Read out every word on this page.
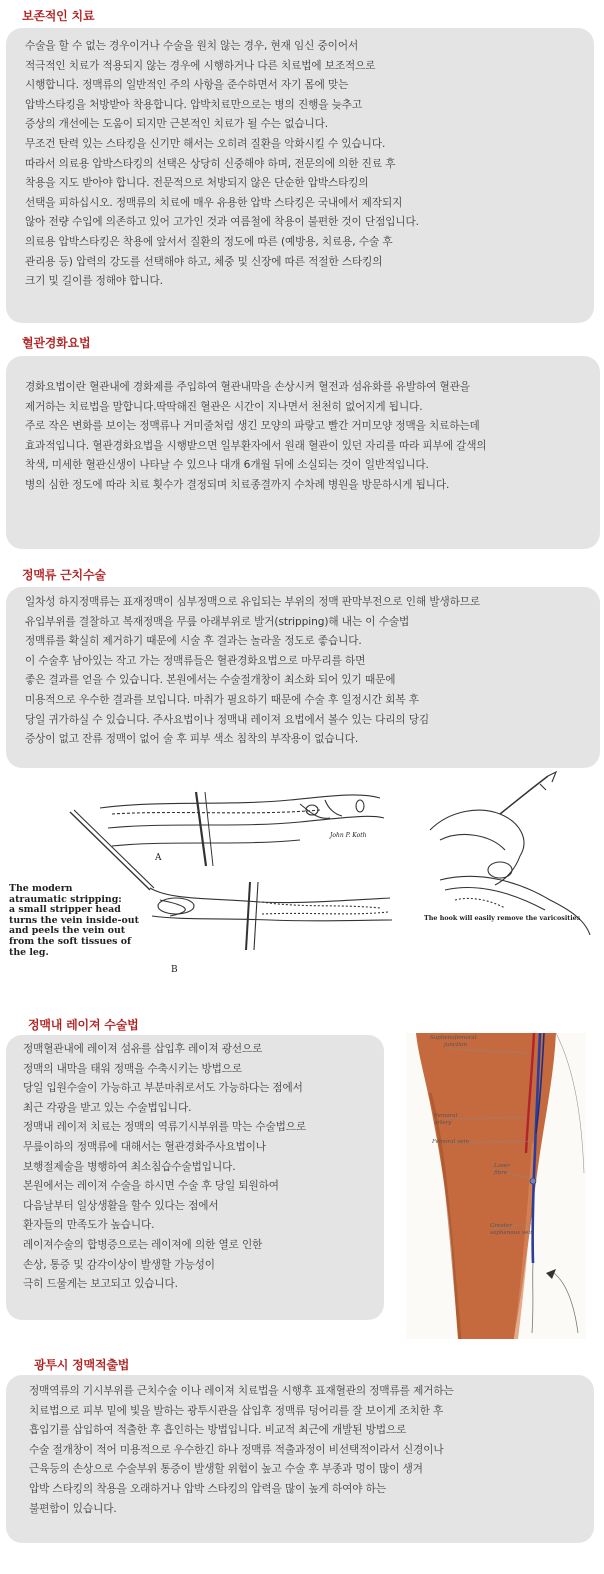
보존적인 치료

수술을 할 수 없는 경우이거나 수술을 원치 않는 경우, 현재 임신 중이어서

적극적인 치료가 적용되지 않는 경우에 시행하거나 다른 치료법에 보조적으로

시행합니다. 정맥류의 일반적인 주의 사항을 준수하면서 자기 몸에 맞는

압박스타킹을 처방받아 착용합니다. 압박치료만으로는 병의 진행을 늦추고

증상의 개선에는 도움이 되지만 근본적인 치료가 될 수는 없습니다.

무조건 탄력 있는 스타킹을 신기만 해서는 오히려 질환을 악화시킬 수 있습니다.

따라서 의료용 압박스타킹의 선택은 상당히 신중해야 하며, 전문의에 의한 진료 후

착용을 지도 받아야 합니다. 전문적으로 처방되지 않은 단순한 압박스타킹의

선택을 피하십시오. 정맥류의 치료에 매우 유용한 압박 스타킹은 국내에서 제작되지

않아 전량 수입에 의존하고 있어 고가인 것과 여름철에 착용이 불편한 것이 단점입니다.

의료용 압박스타킹은 착용에 앞서서 질환의 정도에 따른 (예방용, 치료용, 수술 후

관리용 등) 압력의 강도를 선택해야 하고, 체중 및 신장에 따른 적절한 스타킹의

크기 및 길이를 정해야 합니다.

혈관경화요법

경화요법이란 혈관내에 경화제를 주입하여 혈관내막을 손상시켜 혈전과 섬유화를 유발하여 혈관을

제거하는 치료법을 말합니다.딱딱해진 혈관은 시간이 지나면서 천천히 없어지게 됩니다.

주로 작은 변화를 보이는 정맥류나 거미줄처럼 생긴 모양의 파랗고 빨간 거미모양 정맥을 치료하는데

효과적입니다. 혈관경화요법을 시행받으면 일부환자에서 원래 혈관이 있던 자리를 따라 피부에 갈색의

착색, 미세한 혈관신생이 나타날 수 있으나 대개 6개월 뒤에 소실되는 것이 일반적입니다.

병의 심한 정도에 따라 치료 횟수가 결정되며 치료종결까지 수차례 병원을 방문하시게 됩니다.

정맥류 근치수술

일차성 하지정맥류는 표재정맥이 심부정맥으로 유입되는 부위의 정맥 판막부전으로 인해 발생하므로

유입부위를 결찰하고 복재정맥을 무릎 아래부위로 발거(stripping)해 내는 이 수술법

정맥류를 확실히 제거하기 때문에 시술 후 결과는 놀라울 정도로 좋습니다.

이 수술후 남아있는 작고 가는 정맥류들은 혈관경화요법으로 마무리를 하면

좋은 결과를 얻을 수 있습니다. 본원에서는 수술절개창이 최소화 되어 있기 때문에

미용적으로 우수한 결과를 보입니다. 마취가 필요하기 때문에 수술 후 일정시간 회복 후

당일 귀가하실 수 있습니다. 주사요법이나 정맥내 레이져 요법에서 볼수 있는 다리의 당김

증상이 없고 잔류 정맥이 없어 술 후 피부 색소 침착의 부작용이 없습니다.

The modern
atraumatic stripping:
a small stripper head
turns the vein inside-out
and peels the vein out
from the soft tissues of
the leg.
A
B
John P. Koth
The hook will easily remove the varicosities
정맥내 레이져 수술법

정맥혈관내에 레이져 섬유를 삽입후 레이져 광선으로

정맥의 내막을 태워 정맥을 수축시키는 방법으로

당일 입원수술이 가능하고 부분마취로서도 가능하다는 점에서

최근 각광을 받고 있는 수술법입니다.

정맥내 레이져 치료는 정맥의 역류기시부위를 막는 수술법으로

무릎이하의 정맥류에 대해서는 혈관경화주사요법이나

보행절제술을 병행하여 최소침습수술법입니다.

본원에서는 레이져 수술을 하시면 수술 후 당일 퇴원하여

다음날부터 일상생활을 할수 있다는 점에서

환자들의 만족도가 높습니다.

레이져수술의 합병증으로는 레이져에 의한 열로 인한

손상, 통증 및 감각이상이 발생할 가능성이

극히 드물게는 보고되고 있습니다.

Saphenofemoral
junction
Femoral
artery
Femoral vein
Laser
fibre
Greater
saphenous vein
광투시 정맥적출법

정맥역류의 기시부위를 근치수술 이나 레이져 치료법을 시행후 표재혈관의 정맥류를 제거하는

치료법으로 피부 밑에 빛을 발하는 광투시관을 삽입후 정맥류 덩어리를 잘 보이게 조치한 후

흡입기를 삽입하여 적출한 후 흡인하는 방법입니다. 비교적 최근에 개발된 방법으로

수술 절개창이 적어 미용적으로 우수한긴 하나 정맥류 적출과정이 비선택적이라서 신경이나

근육등의 손상으로 수술부위 통증이 발생할 위험이 높고 수술 후 부종과 멍이 많이 생겨

압박 스타킹의 착용을 오래하거나 압박 스타킹의 압력을 많이 높게 하여야 하는

불편함이 있습니다.
